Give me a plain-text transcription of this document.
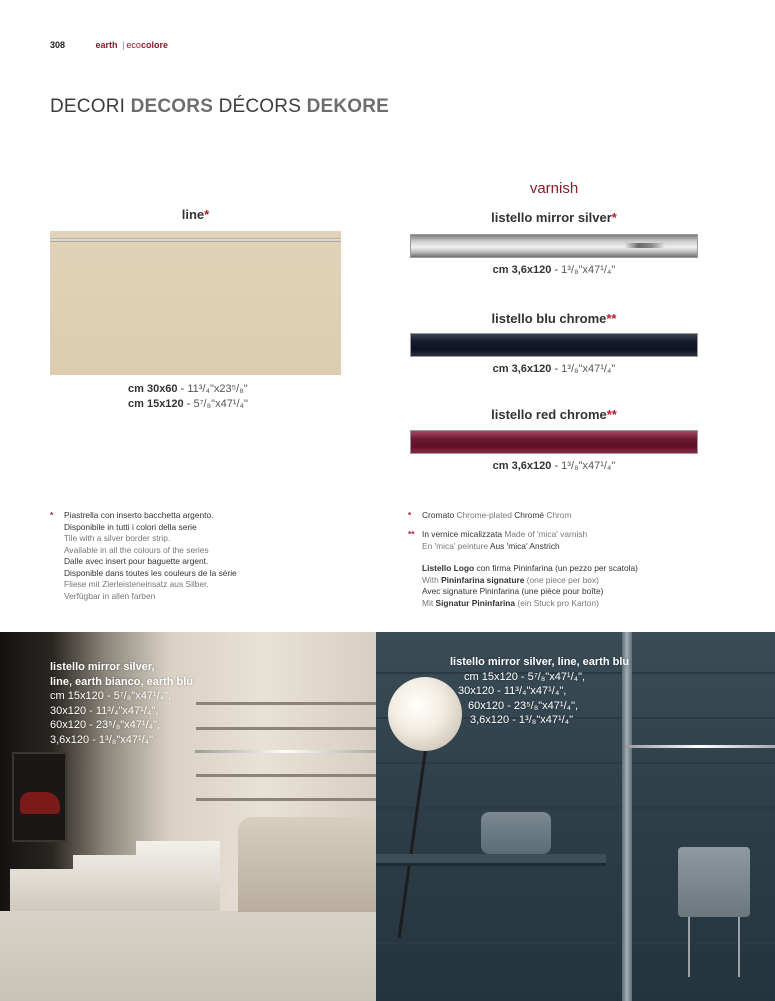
308	earth | ecocolore
DECORI DECORS DÉCORS DEKORE
line*
cm 30x60 - 11³/₄"x23⁵/₈"
cm 15x120 - 5⁷/₈"x47¹/₄"
varnish
listello mirror silver*
cm 3,6x120 - 1³/₈"x47¹/₄"
listello blu chrome**
cm 3,6x120 - 1³/₈"x47¹/₄"
listello red chrome**
cm 3,6x120 - 1³/₈"x47¹/₄"
*	Piastrella con inserto bacchetta argento.
Disponibile in tutti i colori della serie
Tile with a silver border strip.
Available in all the colours of the series
Dalle avec insert pour baguette argent.
Disponible dans toutes les couleurs de la série
Fliese mit Zierleisteneinsatz aus Silber.
Verfügbar in allen farben
*	Cromato Chrome-plated Chromé Chrom
** In vernice micalizzata Made of 'mica' varnish
En 'mica' peinture Aus 'mica' Anstrich
Listello Logo con firma Pininfarina (un pezzo per scatola)
With Pininfarina signature (one piece per box)
Avec signature Pininfarina (une pièce pour boîte)
Mit Signatur Pininfarina (ein Stuck pro Karton)
listello mirror silver,
line, earth bianco, earth blu
cm 15x120 - 5⁷/₈"x47¹/₄",
30x120 - 11³/₄"x47¹/₄",
60x120 - 23⁵/₈"x47¹/₄",
3,6x120 - 1³/₈"x47¹/₄"
listello mirror silver, line, earth blu
cm 15x120 - 5⁷/₈"x47¹/₄",
30x120 - 11³/₄"x47¹/₄",
60x120 - 23⁵/₈"x47¹/₄",
3,6x120 - 1³/₈"x47¹/₄"
